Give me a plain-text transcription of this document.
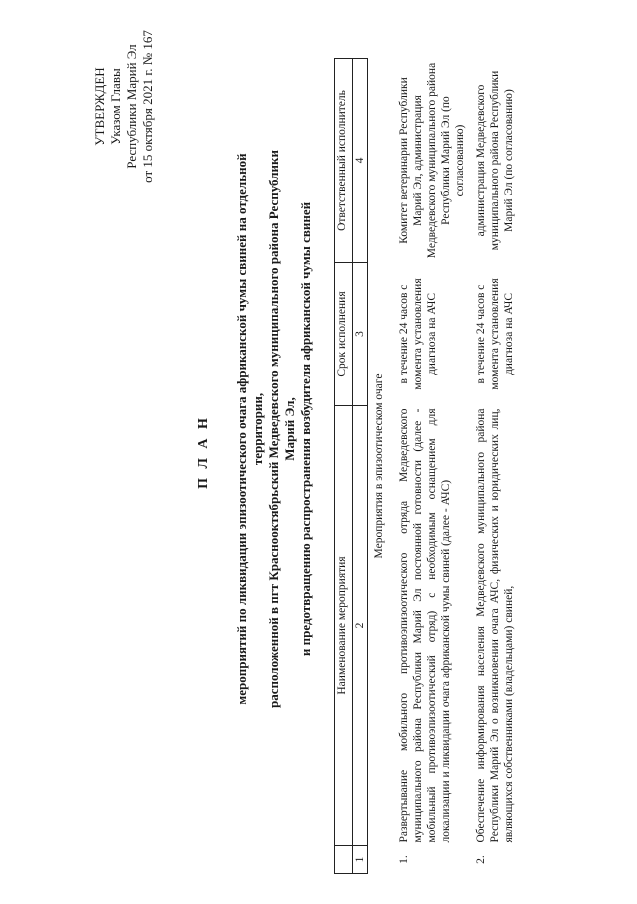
УТВЕРЖДЕН Указом Главы Республики Марий Эл от 15 октября 2021 г. № 167
П Л А Н мероприятий по ликвидации эпизоотического очага африканской чумы свиней на отдельной территории, расположенной в пгт Краснооктябрьский Медведевского муниципального района Республики Марий Эл, и предотвращению распространения возбудителя африканской чумы свиней
	Наименование мероприятия	Срок исполнения	Ответственный исполнитель
1	2	3	4
Мероприятия в эпизоотическом очаге			
1.	Развертывание мобильного противоэпизоотического отряда Медведевского муниципального района Республики Марий Эл постоянной готовности (далее - мобильный противоэпизоотический отряд) с необходимым оснащением для локализации и ликвидации очага африканской чумы свиней (далее - АЧС)	в течение 24 часов с момента установления диагноза на АЧС	Комитет ветеринарии Республики Марий Эл, администрация Медведевского муниципального района Республики Марий Эл (по согласованию)
2.	Обеспечение информирования населения Медведевского муниципального района Республики Марий Эл о возникновении очага АЧС, физических и юридических лиц, являющихся собственниками (владельцами) свиней,	в течение 24 часов с момента установления диагноза на АЧС	администрация Медведевского муниципального района Республики Марий Эл (по согласованию)
